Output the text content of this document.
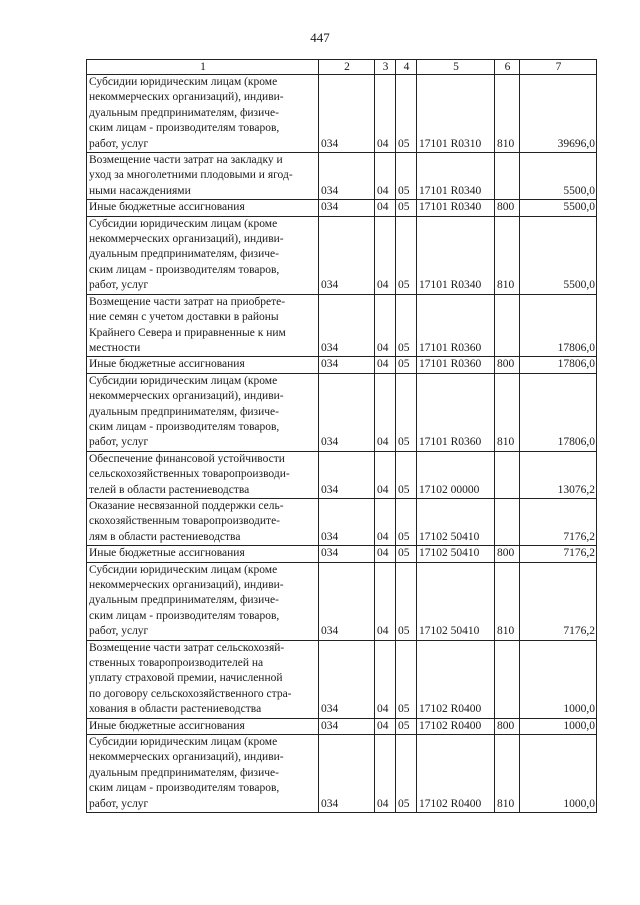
447
1	2	3	4	5	6	7

Субсидии юридическим лицам (кроме
некоммерческих организаций), индиви-
дуальным предпринимателям, физиче-
ским лицам - производителям товаров,
работ, услуг	034	04	05	17101 R0310	810	39696,0

Возмещение части затрат на закладку и
уход за многолетними плодовыми и ягод-
ными насаждениями	034	04	05	17101 R0340		5500,0

Иные бюджетные ассигнования	034	04	05	17101 R0340	800	5500,0

Субсидии юридическим лицам (кроме
некоммерческих организаций), индиви-
дуальным предпринимателям, физиче-
ским лицам - производителям товаров,
работ, услуг	034	04	05	17101 R0340	810	5500,0

Возмещение части затрат на приобрете-
ние семян с учетом доставки в районы
Крайнего Севера и приравненные к ним
местности	034	04	05	17101 R0360		17806,0

Иные бюджетные ассигнования	034	04	05	17101 R0360	800	17806,0

Субсидии юридическим лицам (кроме
некоммерческих организаций), индиви-
дуальным предпринимателям, физиче-
ским лицам - производителям товаров,
работ, услуг	034	04	05	17101 R0360	810	17806,0

Обеспечение финансовой устойчивости
сельскохозяйственных товаропроизводи-
телей в области растениеводства	034	04	05	17102 00000		13076,2

Оказание несвязанной поддержки сель-
скохозяйственным товаропроизводите-
лям в области растениеводства	034	04	05	17102 50410		7176,2

Иные бюджетные ассигнования	034	04	05	17102 50410	800	7176,2

Субсидии юридическим лицам (кроме
некоммерческих организаций), индиви-
дуальным предпринимателям, физиче-
ским лицам - производителям товаров,
работ, услуг	034	04	05	17102 50410	810	7176,2

Возмещение части затрат сельскохозяй-
ственных товаропроизводителей на
уплату страховой премии, начисленной
по договору сельскохозяйственного стра-
хования в области растениеводства	034	04	05	17102 R0400		1000,0

Иные бюджетные ассигнования	034	04	05	17102 R0400	800	1000,0

Субсидии юридическим лицам (кроме
некоммерческих организаций), индиви-
дуальным предпринимателям, физиче-
ским лицам - производителям товаров,
работ, услуг	034	04	05	17102 R0400	810	1000,0
